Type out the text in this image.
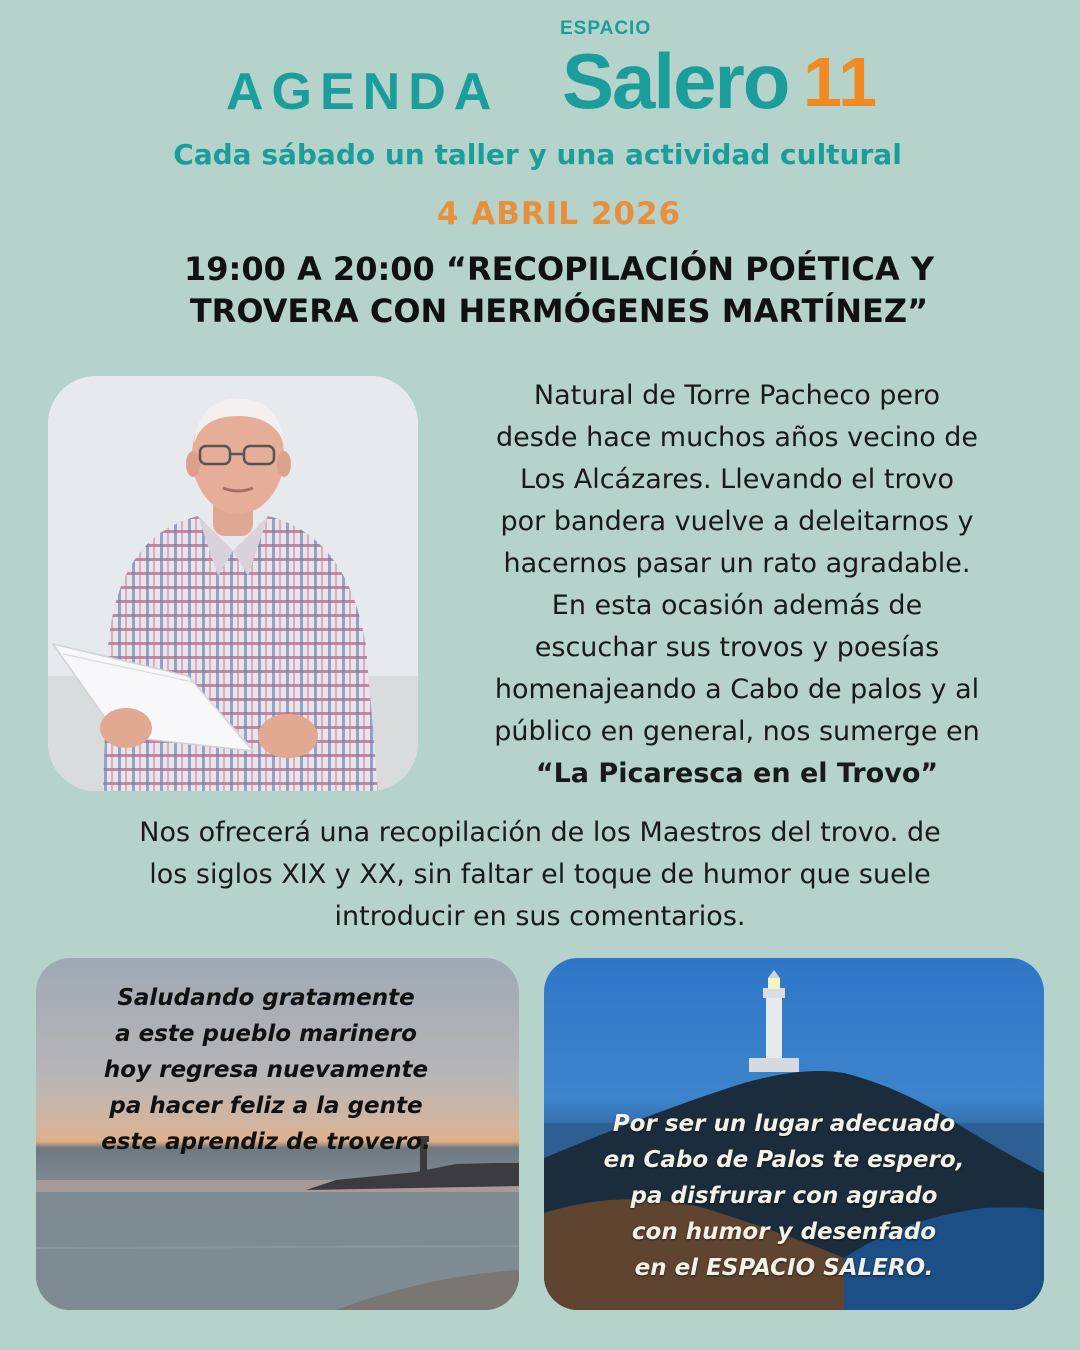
ESPACIO
AGENDA Salero 11
Cada sábado un taller y una actividad cultural
4 ABRIL 2026
19:00 A 20:00 “RECOPILACIÓN POÉTICA Y
TROVERA CON HERMÓGENES MARTÍNEZ”
Natural de Torre Pacheco pero
desde hace muchos años vecino de
Los Alcázares. Llevando el trovo
por bandera vuelve a deleitarnos y
hacernos pasar un rato agradable.
En esta ocasión además de
escuchar sus trovos y poesías
homenajeando a Cabo de palos y al
público en general, nos sumerge en
“La Picaresca en el Trovo”
Nos ofrecerá una recopilación de los Maestros del trovo. de
los siglos XIX y XX, sin faltar el toque de humor que suele
introducir en sus comentarios.
Saludando gratamente
a este pueblo marinero
hoy regresa nuevamente
pa hacer feliz a la gente
este aprendiz de trovero.
Por ser un lugar adecuado
en Cabo de Palos te espero,
pa disfrurar con agrado
con humor y desenfado
en el ESPACIO SALERO.
